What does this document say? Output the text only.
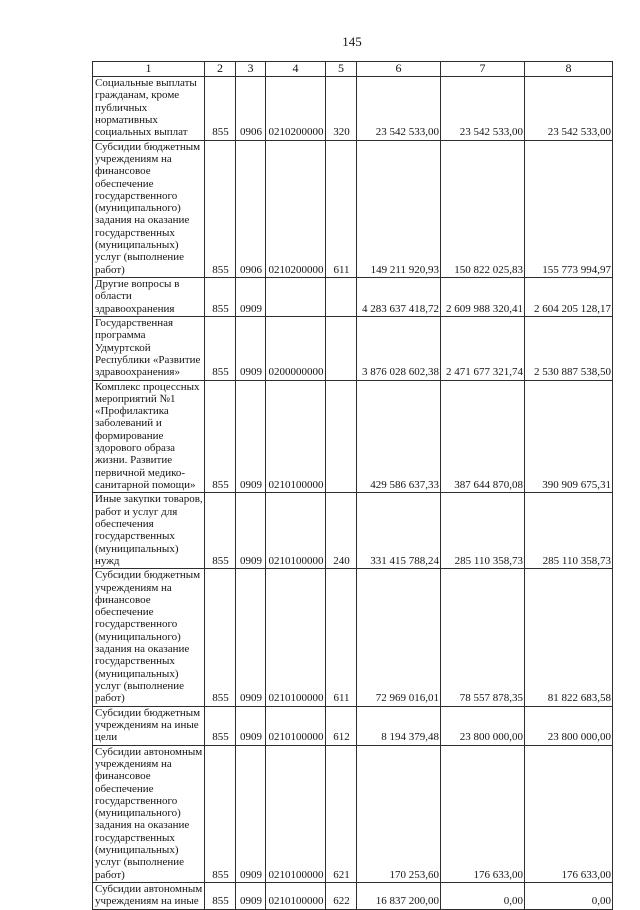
145
1	2	3	4	5	6	7	8
Социальные выплаты гражданам, кроме публичных нормативных социальных выплат	855	0906	0210200000	320	23 542 533,00	23 542 533,00	23 542 533,00
Субсидии бюджетным учреждениям на финансовое обеспечение государственного (муниципального) задания на оказание государственных (муниципальных) услуг (выполнение работ)	855	0906	0210200000	611	149 211 920,93	150 822 025,83	155 773 994,97
Другие вопросы в области здравоохранения	855	0909			4 283 637 418,72	2 609 988 320,41	2 604 205 128,17
Государственная программа Удмуртской Республики «Развитие здравоохранения»	855	0909	0200000000		3 876 028 602,38	2 471 677 321,74	2 530 887 538,50
Комплекс процессных мероприятий №1 «Профилактика заболеваний и формирование здорового образа жизни. Развитие первичной медико-санитарной помощи»	855	0909	0210100000		429 586 637,33	387 644 870,08	390 909 675,31
Иные закупки товаров, работ и услуг для обеспечения государственных (муниципальных) нужд	855	0909	0210100000	240	331 415 788,24	285 110 358,73	285 110 358,73
Субсидии бюджетным учреждениям на финансовое обеспечение государственного (муниципального) задания на оказание государственных (муниципальных) услуг (выполнение работ)	855	0909	0210100000	611	72 969 016,01	78 557 878,35	81 822 683,58
Субсидии бюджетным учреждениям на иные цели	855	0909	0210100000	612	8 194 379,48	23 800 000,00	23 800 000,00
Субсидии автономным учреждениям на финансовое обеспечение государственного (муниципального) задания на оказание государственных (муниципальных) услуг (выполнение работ)	855	0909	0210100000	621	170 253,60	176 633,00	176 633,00
Субсидии автономным учреждениям на иные	855	0909	0210100000	622	16 837 200,00	0,00	0,00
